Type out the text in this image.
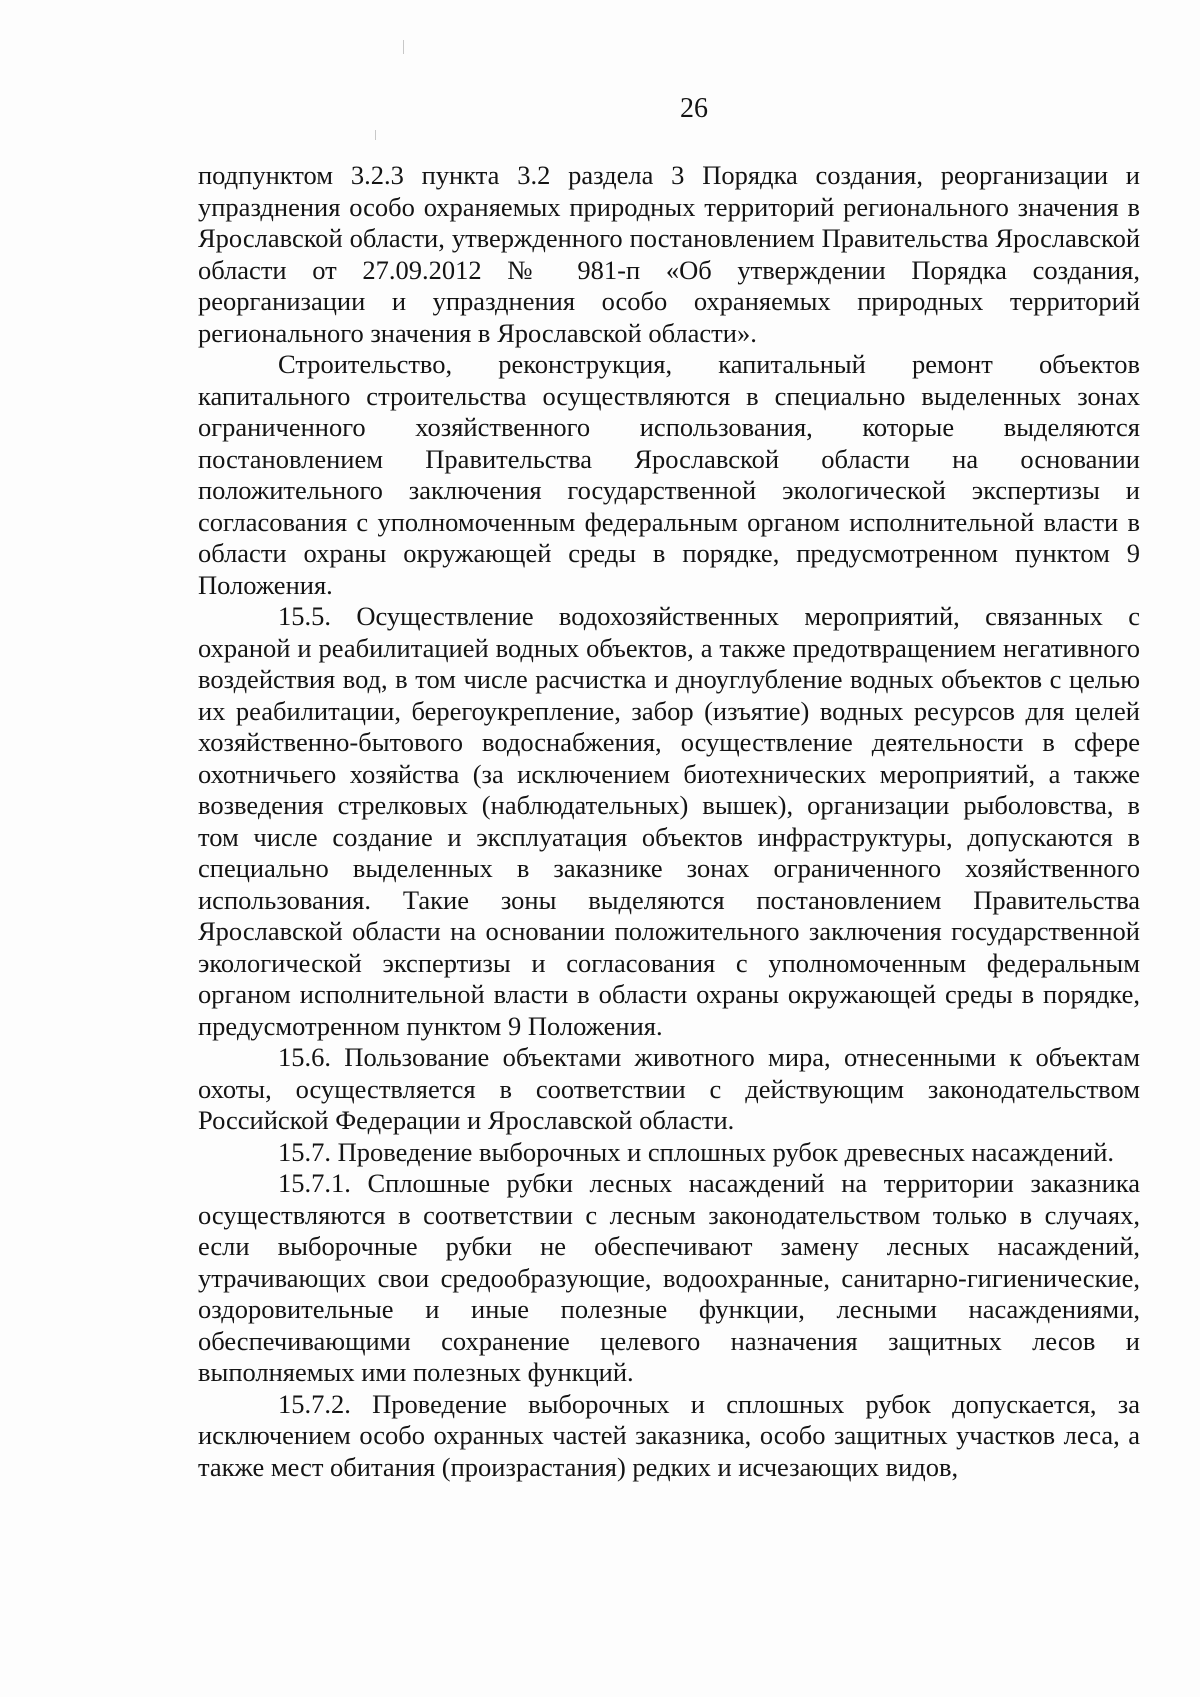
26

подпунктом 3.2.3 пункта 3.2 раздела 3 Порядка создания, реорганизации и упразднения особо охраняемых природных территорий регионального значения в Ярославской области, утвержденного постановлением Правительства Ярославской области от 27.09.2012 № 981-п «Об утверждении Порядка создания, реорганизации и упразднения особо охраняемых природных территорий регионального значения в Ярославской области».

Строительство, реконструкция, капитальный ремонт объектов капитального строительства осуществляются в специально выделенных зонах ограниченного хозяйственного использования, которые выделяются постановлением Правительства Ярославской области на основании положительного заключения государственной экологической экспертизы и согласования с уполномоченным федеральным органом исполнительной власти в области охраны окружающей среды в порядке, предусмотренном пунктом 9 Положения.

15.5. Осуществление водохозяйственных мероприятий, связанных с охраной и реабилитацией водных объектов, а также предотвращением негативного воздействия вод, в том числе расчистка и дноуглубление водных объектов с целью их реабилитации, берегоукрепление, забор (изъятие) водных ресурсов для целей хозяйственно-бытового водоснабжения, осуществление деятельности в сфере охотничьего хозяйства (за исключением биотехнических мероприятий, а также возведения стрелковых (наблюдательных) вышек), организации рыболовства, в том числе создание и эксплуатация объектов инфраструктуры, допускаются в специально выделенных в заказнике зонах ограниченного хозяйственного использования. Такие зоны выделяются постановлением Правительства Ярославской области на основании положительного заключения государственной экологической экспертизы и согласования с уполномоченным федеральным органом исполнительной власти в области охраны окружающей среды в порядке, предусмотренном пунктом 9 Положения.

15.6. Пользование объектами животного мира, отнесенными к объектам охоты, осуществляется в соответствии с действующим законодательством Российской Федерации и Ярославской области.

15.7. Проведение выборочных и сплошных рубок древесных насаждений.

15.7.1. Сплошные рубки лесных насаждений на территории заказника осуществляются в соответствии с лесным законодательством только в случаях, если выборочные рубки не обеспечивают замену лесных насаждений, утрачивающих свои средообразующие, водоохранные, санитарно-гигиенические, оздоровительные и иные полезные функции, лесными насаждениями, обеспечивающими сохранение целевого назначения защитных лесов и выполняемых ими полезных функций.

15.7.2. Проведение выборочных и сплошных рубок допускается, за исключением особо охранных частей заказника, особо защитных участков леса, а также мест обитания (произрастания) редких и исчезающих видов,
